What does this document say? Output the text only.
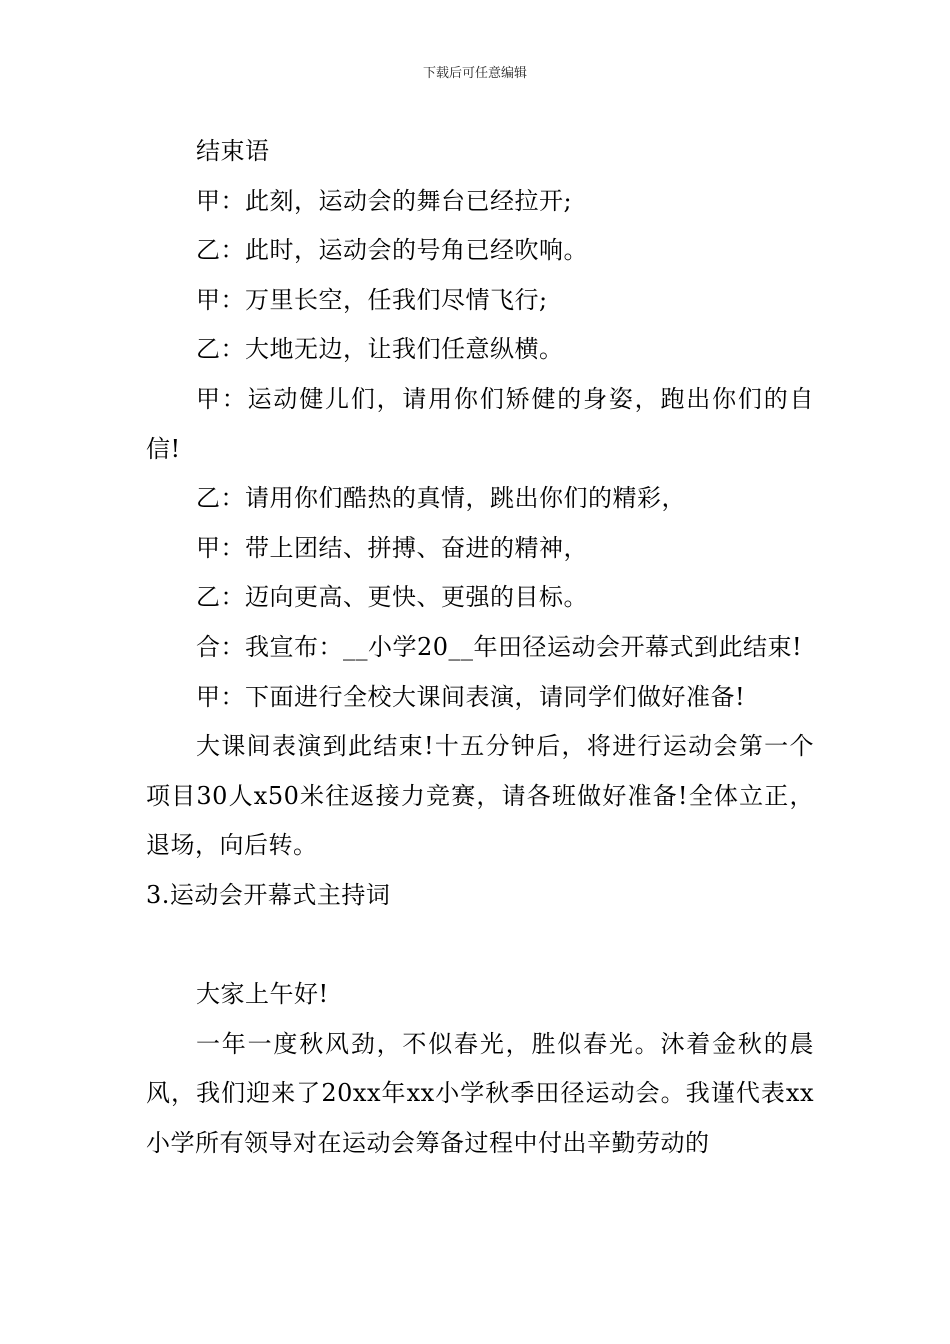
下载后可任意编辑

结束语

甲：此刻，运动会的舞台已经拉开;

乙：此时，运动会的号角已经吹响。

甲：万里长空，任我们尽情飞行;

乙：大地无边，让我们任意纵横。

甲：运动健儿们，请用你们矫健的身姿，跑出你们的自信!

乙：请用你们酷热的真情，跳出你们的精彩，

甲：带上团结、拼搏、奋进的精神，

乙：迈向更高、更快、更强的目标。

合：我宣布：__小学20__年田径运动会开幕式到此结束!

甲：下面进行全校大课间表演，请同学们做好准备!

大课间表演到此结束!十五分钟后，将进行运动会第一个项目30人x50米往返接力竞赛，请各班做好准备!全体立正，退场，向后转。

3.运动会开幕式主持词

大家上午好!

一年一度秋风劲，不似春光，胜似春光。沐着金秋的晨风，我们迎来了20xx年xx小学秋季田径运动会。我谨代表xx小学所有领导对在运动会筹备过程中付出辛勤劳动的
